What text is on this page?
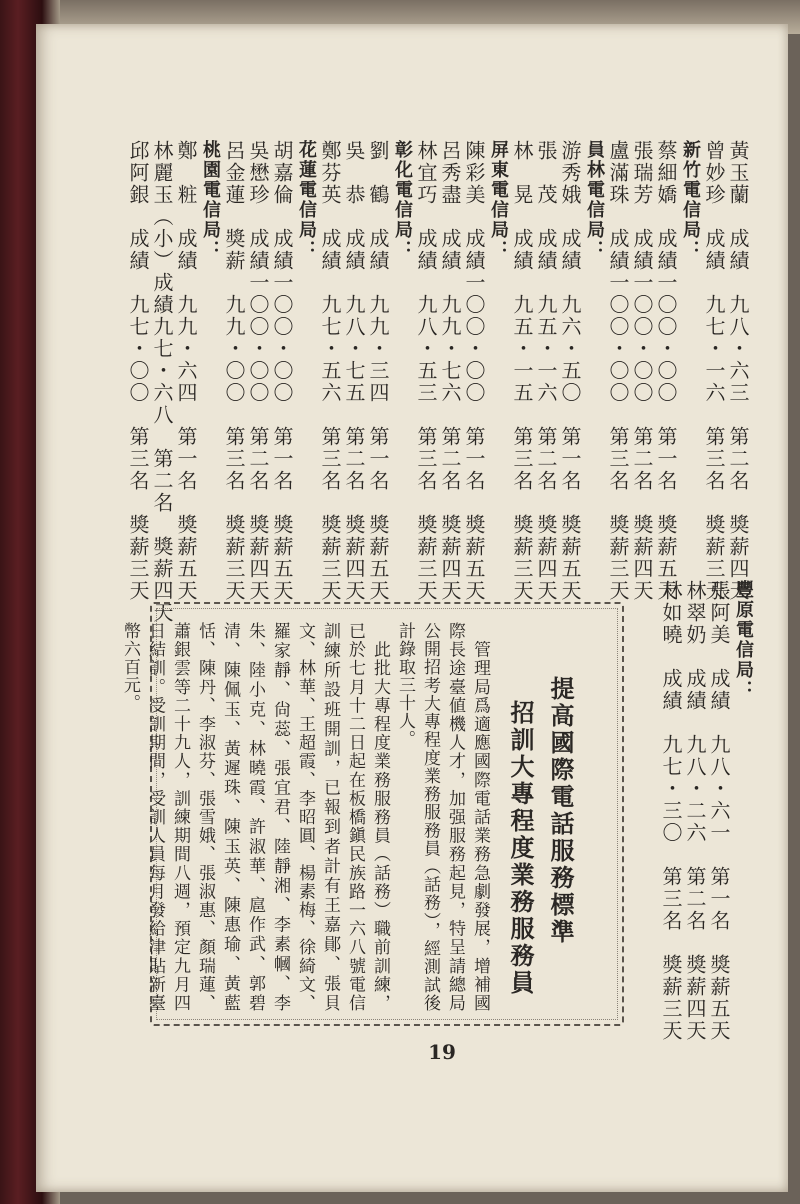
黃玉蘭　成績　九八・六三　第二名　獎薪四天
曾妙珍　成績　九七・一六　第三名　獎薪三天
新竹電信局：
蔡細嬌　成績一〇〇・〇〇　第一名　獎薪五天
張瑞芳　成績一〇〇・〇〇　第二名　獎薪四天
盧滿珠　成績一〇〇・〇〇　第三名　獎薪三天
員林電信局：
游秀娥　成績　九六・五〇　第一名　獎薪五天
張　茂　成績　九五・一六　第二名　獎薪四天
林　晃　成績　九五・一五　第三名　獎薪三天
屏東電信局：
陳彩美　成績一〇〇・〇〇　第一名　獎薪五天
呂秀盡　成績　九九・七六　第二名　獎薪四天
林宜巧　成績　九八・五三　第三名　獎薪三天
彰化電信局：
劉　鶴　成績　九九・三四　第一名　獎薪五天
吳　恭　成績　九八・七五　第二名　獎薪四天
鄭芬英　成績　九七・五六　第三名　獎薪三天
花蓮電信局：
胡嘉倫　成績一〇〇・〇〇　第一名　獎薪五天
吳懋珍　成績一〇〇・〇〇　第二名　獎薪四天
呂金蓮　獎薪　九九・〇〇　第三名　獎薪三天
桃園電信局：
鄭　粧　成績　九九・六四　第一名　獎薪五天
林麗玉（小）成績九七・六八　第二名　獎薪四天
邱阿銀　成績　九七・〇〇　第三名　獎薪三天
豐原電信局：
張阿美　成績　九八・六一　第一名　獎薪五天
林翠奶　成績　九八・二六　第二名　獎薪四天
林如曉　成績　九七・三〇　第三名　獎薪三天
提高國際電話服務標準
招訓大專程度業務服務員
　管理局爲適應國際電話業務急劇發展，增補國際長途臺値機人才，加强服務起見，特呈請總局公開招考大專程度業務服務員（話務），經測試後計錄取三十人。
　此批大專程度業務服務員（話務）職前訓練，已於七月十二日起在板橋鎭民族路一六八號電信訓練所設班開訓，已報到者計有王嘉鄖、張貝文、林華、王超霞、李昭圓、楊素梅、徐綺文、羅家靜、尙蕊、張宜君、陸靜湘、李素幗、李朱、陸小克、林曉霞、許淑華、扈作武、郭碧清、陳佩玉、黃遲珠、陳玉英、陳惠瑜、黃藍恬、陳丹、李淑芬、張雪娥、張淑惠、顏瑞蓮、蕭銀雲等二十九人，訓練期間八週，預定九月四日結訓。受訓期間，受訓人員每月發給津貼新臺幣六百元。
19
